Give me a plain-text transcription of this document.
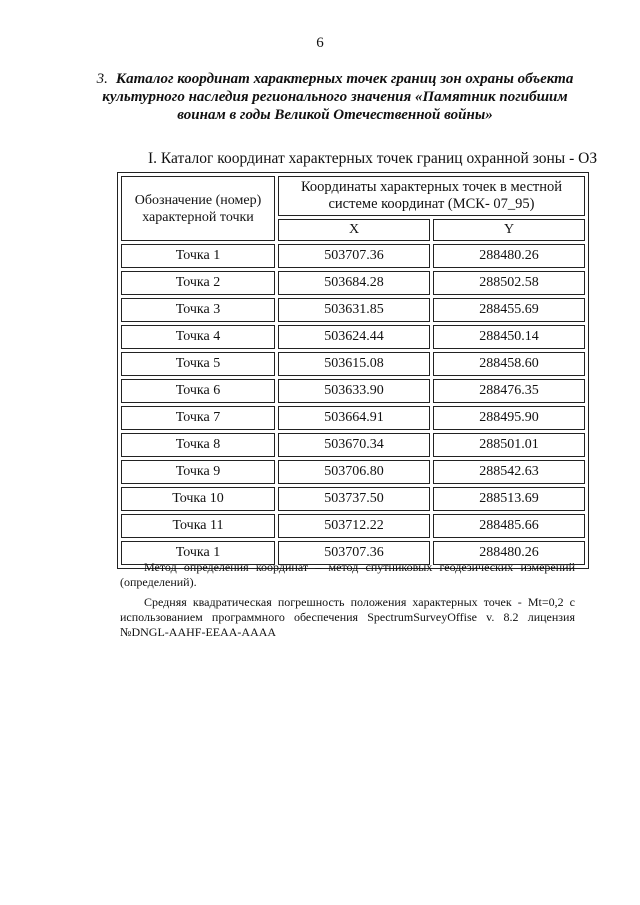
6
3. Каталог координат характерных точек границ зон охраны объекта культурного наследия регионального значения «Памятник погибшим воинам в годы Великой Отечественной войны»
I. Каталог координат характерных точек границ охранной зоны - ОЗ
Обозначение (номер) характерной точки	Координаты характерных точек в местной системе координат (МСК- 07_95)	
	X	Y
Точка 1	503707.36	288480.26
Точка 2	503684.28	288502.58
Точка 3	503631.85	288455.69
Точка 4	503624.44	288450.14
Точка 5	503615.08	288458.60
Точка 6	503633.90	288476.35
Точка 7	503664.91	288495.90
Точка 8	503670.34	288501.01
Точка 9	503706.80	288542.63
Точка 10	503737.50	288513.69
Точка 11	503712.22	288485.66
Точка 1	503707.36	288480.26

Метод определения координат – метод спутниковых геодезических измерений (определений).

Средняя квадратическая погрешность положения характерных точек - Mt=0,2 с использованием программного обеспечения SpectrumSurveyOffise v. 8.2 лицензия №DNGL-AAHF-EEAA-AAAA
